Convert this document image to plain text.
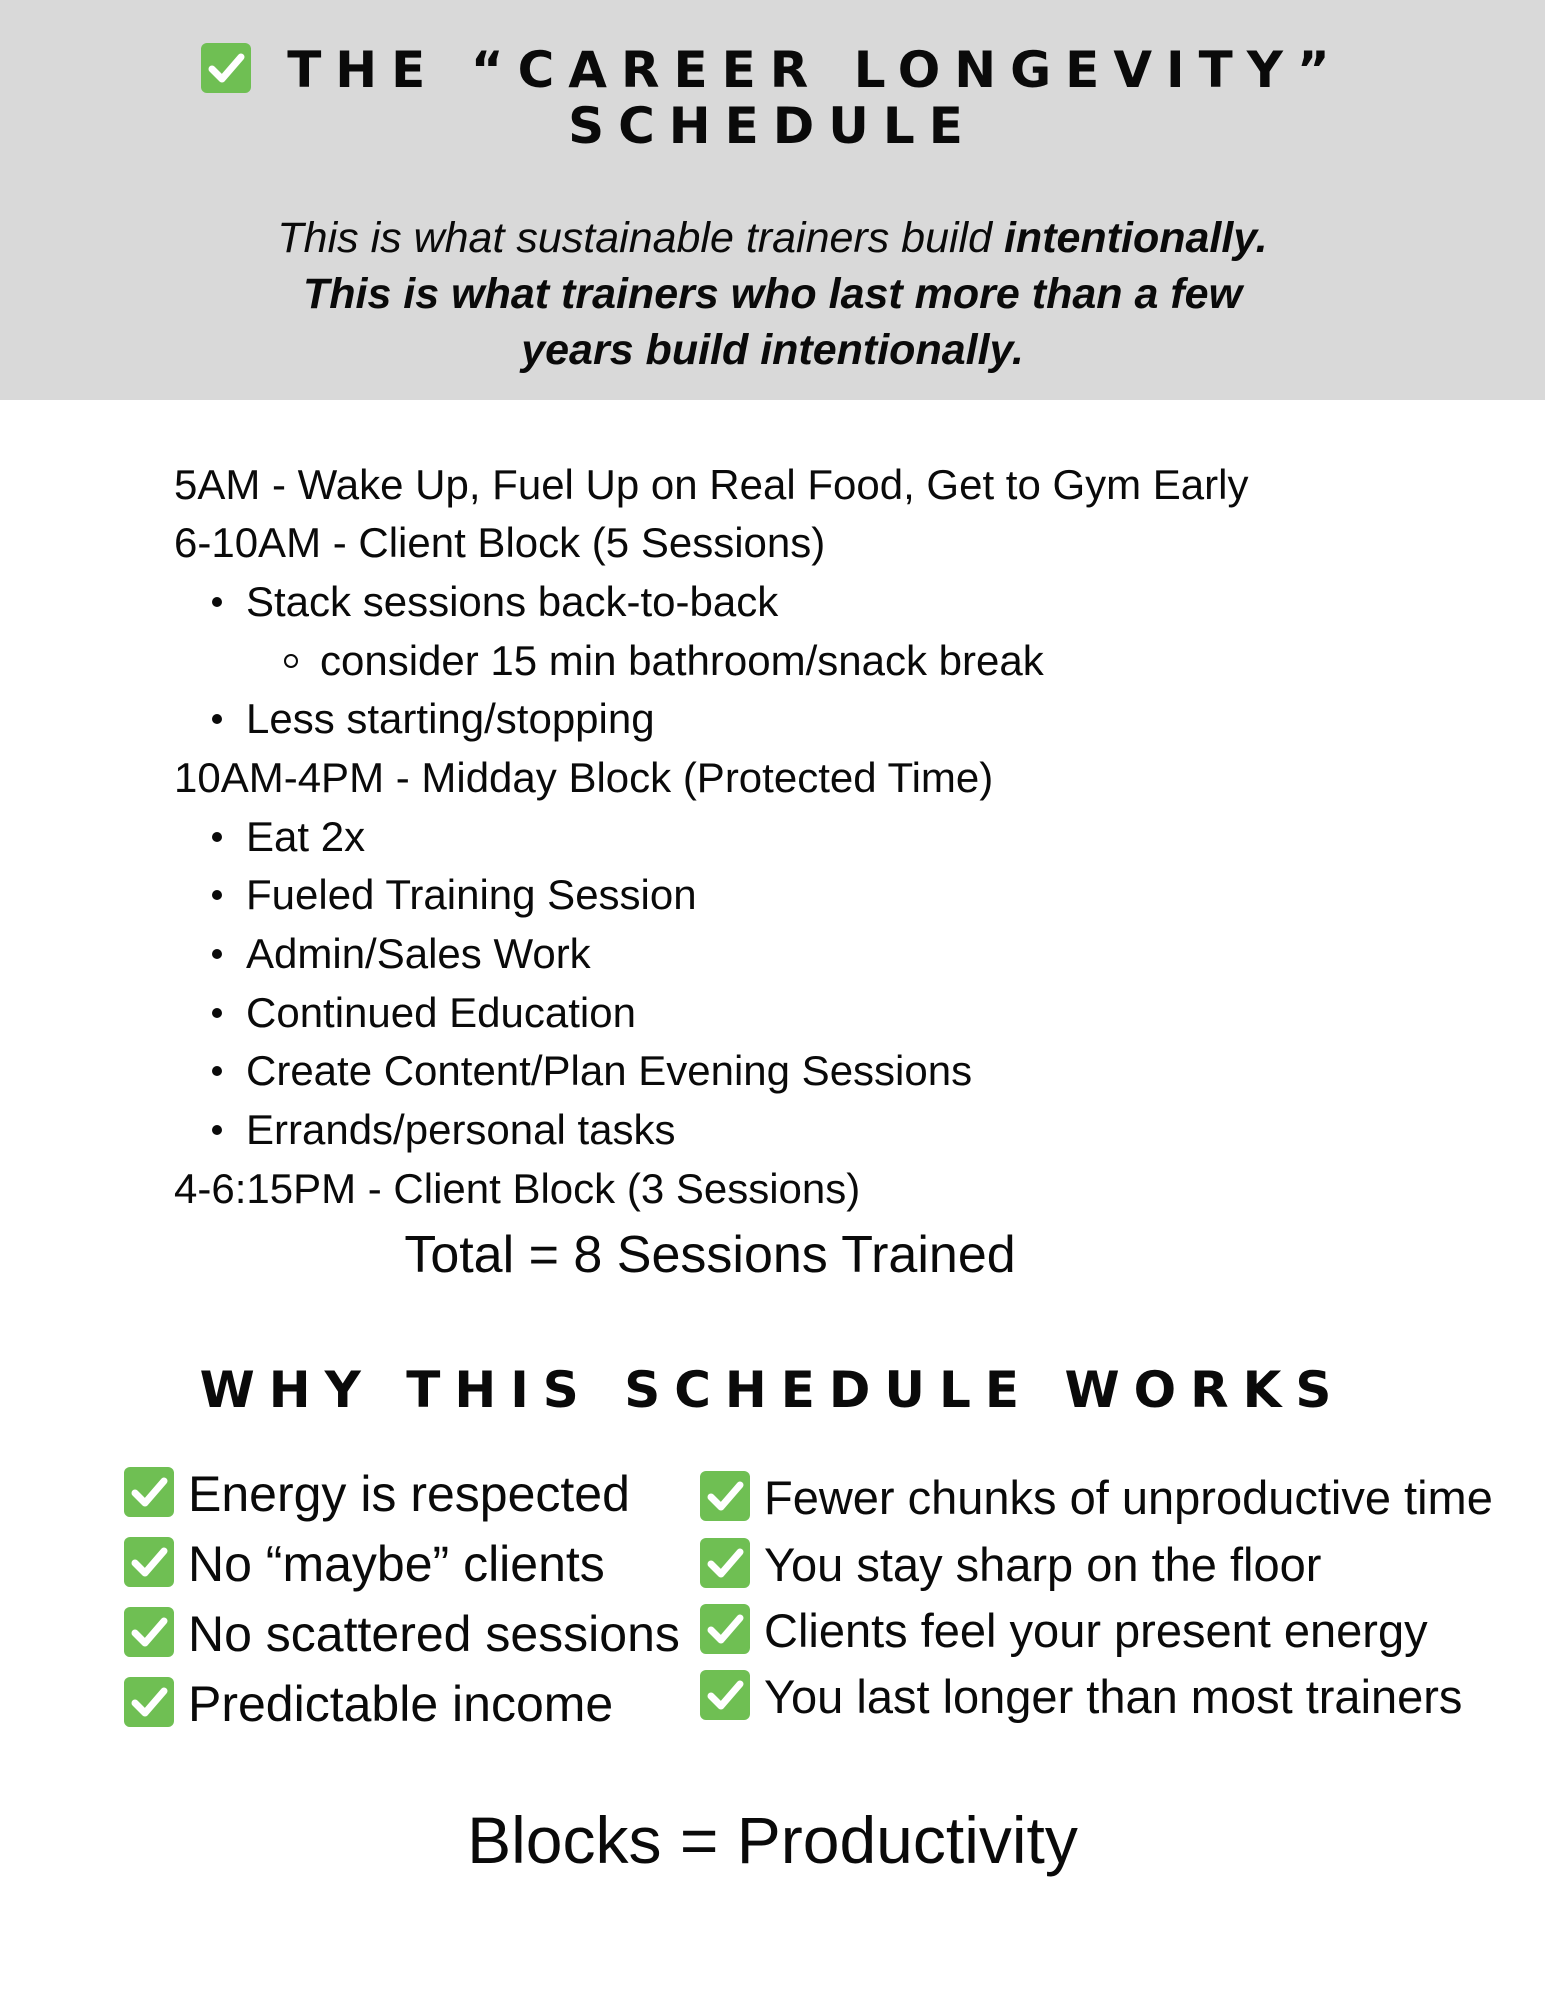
THE “CAREER LONGEVITY”
SCHEDULE
This is what sustainable trainers build intentionally.
This is what trainers who last more than a few
years build intentionally.
5AM - Wake Up, Fuel Up on Real Food, Get to Gym Early
6-10AM - Client Block (5 Sessions)
Stack sessions back-to-back
consider 15 min bathroom/snack break
Less starting/stopping
10AM-4PM - Midday Block (Protected Time)
Eat 2x
Fueled Training Session
Admin/Sales Work
Continued Education
Create Content/Plan Evening Sessions
Errands/personal tasks
4-6:15PM - Client Block (3 Sessions)
Total = 8 Sessions Trained
WHY THIS SCHEDULE WORKS
Energy is respected
No “maybe” clients
No scattered sessions
Predictable income
Fewer chunks of unproductive time
You stay sharp on the floor
Clients feel your present energy
You last longer than most trainers
Blocks = Productivity
